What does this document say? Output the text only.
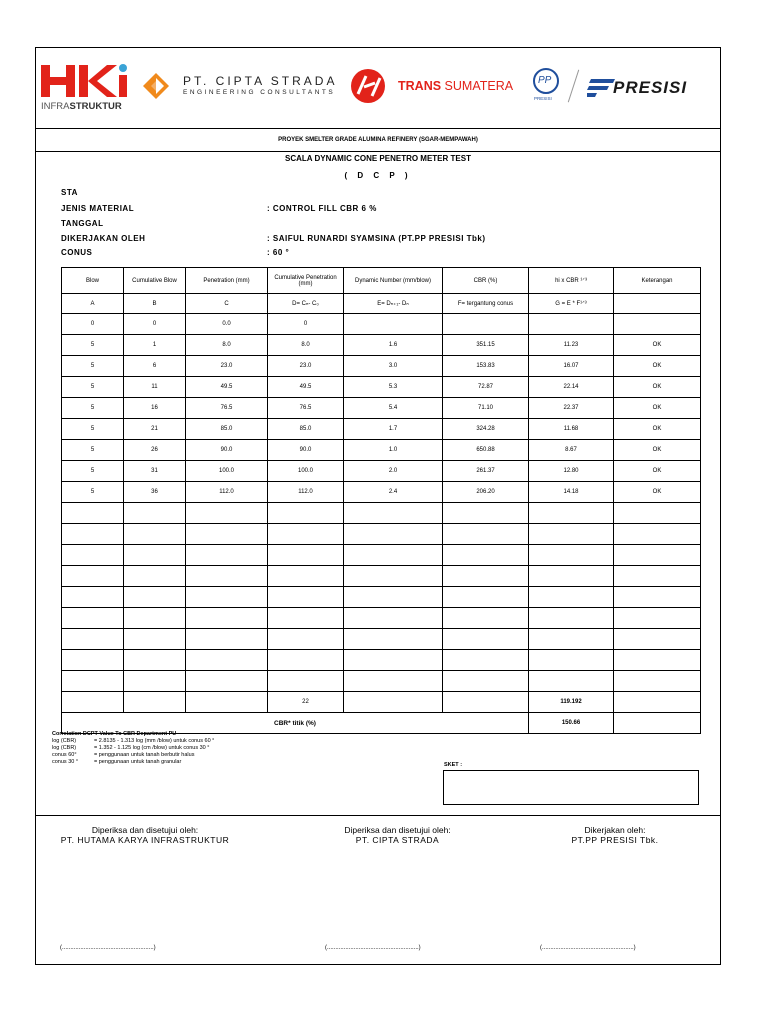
INFRASTRUKTUR
PT. CIPTA STRADA
ENGINEERING CONSULTANTS	TRANS SUMATERA PP
PRESISI
PRESISI
PROYEK SMELTER GRADE ALUMINA REFINERY (SGAR-MEMPAWAH)
SCALA DYNAMIC CONE PENETRO METER TEST
( D C P )
STA
JENIS MATERIAL	: CONTROL FILL CBR 6 %
TANGGAL
DIKERJAKAN OLEH	: SAIFUL RUNARDI SYAMSINA (PT.PP PRESISI Tbk)
CONUS	: 60 °
Blow	Cumulative Blow	Penetration (mm)	Cumulative Penetration (mm)	Dynamic Number (mm/blow)	CBR (%)	hi x CBR ¹ᐟ³	Keterangan
A	B	C	D= Cₙ- C₀	E= Dₙ₊₁- Dₙ	F= tergantung conus	G = E * F¹ᐟ³	
0	0	0.0	0				
5	1	8.0	8.0	1.6	351.15	11.23	OK
5	6	23.0	23.0	3.0	153.83	16.07	OK
5	11	49.5	49.5	5.3	72.87	22.14	OK
5	16	76.5	76.5	5.4	71.10	22.37	OK
5	21	85.0	85.0	1.7	324.28	11.68	OK
5	26	90.0	90.0	1.0	650.88	8.67	OK
5	31	100.0	100.0	2.0	261.37	12.80	OK
5	36	112.0	112.0	2.4	206.20	14.18	OK

			22			119.192	
CBR* titik (%)						150.66	
Correlation DCPT Value To CBR Department PU
log (CBR)	= 2.8135 - 1.313 log (mm /blow) untuk conus 60 °
log (CBR)	= 1.352 - 1.125 log (cm /blow) untuk conus 30 °
conus 60°	= penggunaan untuk tanah berbutir halus
conus 30 °	= penggunaan untuk tanah granular	SKET :
Diperiksa dan disetujui oleh:
PT. HUTAMA KARYA INFRASTRUKTUR
Diperiksa dan disetujui oleh:
PT. CIPTA STRADA
Dikerjakan oleh:
PT.PP PRESISI Tbk.
(.......................................................)	(.......................................................)	(.......................................................)
